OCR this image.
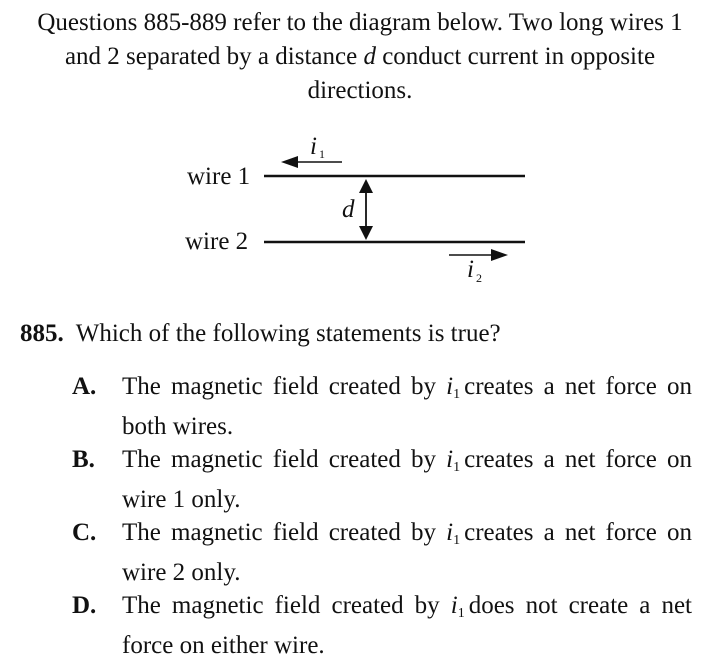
Questions 885-889 refer to the diagram below. Two long wires 1 and 2 separated by a distance d conduct current in opposite directions.
wire 1
i 1
d
wire 2
i 2
885. Which of the following statements is true?
A.	The magnetic field created by $i_1$ creates a net force on both wires.
B.	The magnetic field created by $i_1$ creates a net force on wire 1 only.
C.	The magnetic field created by $i_1$ creates a net force on wire 2 only.
D.	The magnetic field created by $i_1$ does not create a net force on either wire.
